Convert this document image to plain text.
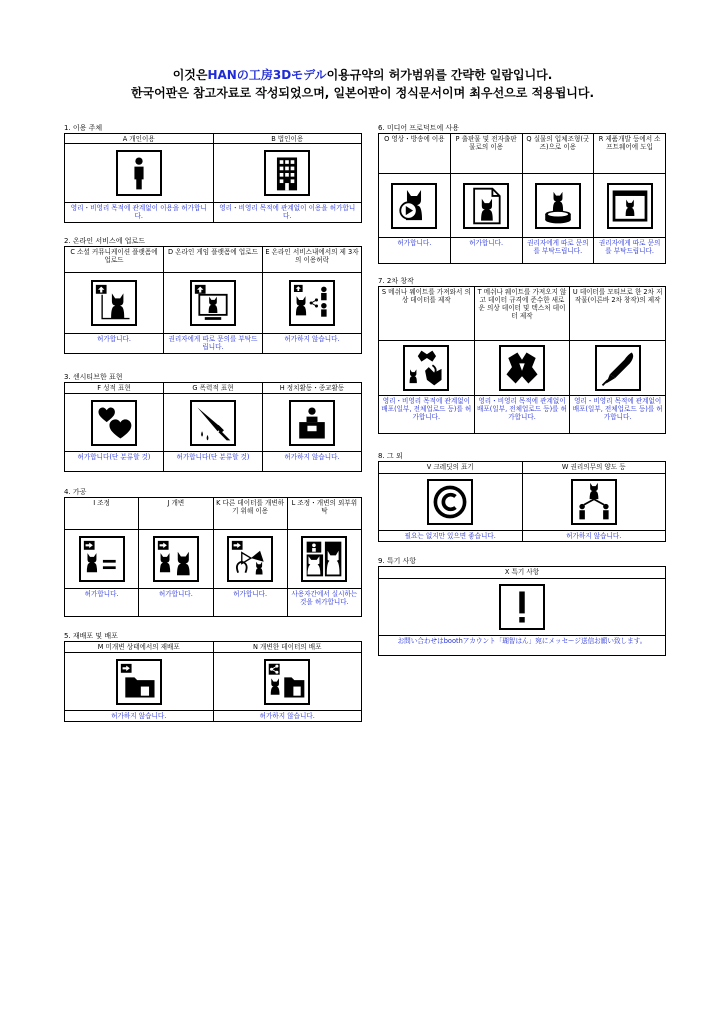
이것은HANの工房3Dモデル이용규약의 허가범위를 간략한 일람입니다.
한국어판은 참고자료로 작성되었으며, 일본어판이 정식문서이며 최우선으로 적용됩니다.
1. 이용 주체
A 개인이용
영리・비영리 목적에 관계없이 이용을 허가합니다.
B 법인이용
영리・비영리 목적에 관계없이 이용을 허가합니다.
2. 온라인 서비스에 업로드
C 소셜 커뮤니케이션 플랫폼에 업로드
허가합니다.
D 온라인 게임 플랫폼에 업로드
권리자에게 따로 문의를 부탁드립니다.
E 온라인 서비스내에서의 제 3자의 이용허락
허가하지 않습니다.
3. 센시티브한 표현
F 성적 표현
허가합니다(단 분류할 것)
G 폭력적 표현
허가합니다(단 분류할 것)
H 정치활동・종교활동
허가하지 않습니다.
4. 가공
I 조정
허가합니다.
J 개변
허가합니다.
K 다른 데이터를 개변하기 위해 이용
허가합니다.
L 조정・개변의 외부위탁
사용자간에서 실시하는 것을 허가합니다.
5. 재배포 및 배포
M 미개변 상태에서의 재배포
허가하지 않습니다.
N 개변한 데이터의 배포
허가하지 않습니다.
6. 미디어 프로덕트에 사용
O 영상・방송에 이용
허가합니다.
P 출판물 및 전자출판물로의 이용
허가합니다.
Q 실물의 입체조형(굿즈)으로 이용
권리자에게 따로 문의를 부탁드립니다.
R 제품개발 등에서 소프트웨어에 도입
권리자에게 따로 문의를 부탁드립니다.
7. 2차 창작
S 메쉬나 웨이트를 가져와서 의상 데이터를 제작
영리・비영리 목적에 관계없이 배포(일부, 전체업로드 등)를 허가합니다.
T 메쉬나 웨이트를 가져오지 않고 데이터 규격에 준수한 새로운 의상 데이터 및 텍스처 데이터 제작
영리・비영리 목적에 관계없이 배포(일부, 전체업로드 등)를 허가합니다.
U 데이터를 모티브로 한 2차 저작물(이른바 2차 창작)의 제작
영리・비영리 목적에 관계없이 배포(일부, 전체업로드 등)를 허가합니다.
8. 그 외
V 크레딧의 표기
필요는 없지만 있으면 좋습니다.
W 권리의무의 양도 등
허가하지 않습니다.
9. 특기 사항
X 특기 사항
お問い合わせはboothアカウント「瑚智はん」宛にメッセージ送信お願い致します。
